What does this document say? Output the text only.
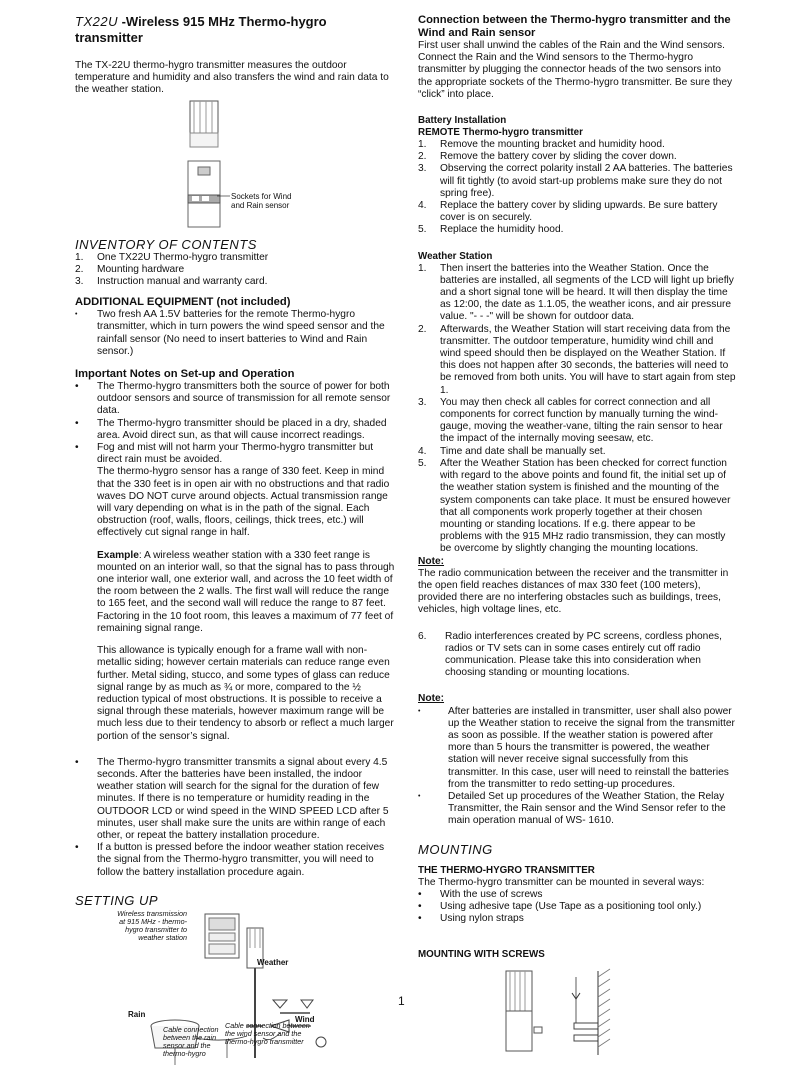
TX22U -Wireless 915 MHz Thermo-hygro transmitter

The TX-22U thermo-hygro transmitter measures the outdoor temperature and humidity and also transfers the wind and rain data to the weather station.

Sockets for Wind and Rain sensor

INVENTORY OF CONTENTS

1. One TX22U Thermo-hygro transmitter
2. Mounting hardware
3. Instruction manual and warranty card.

ADDITIONAL EQUIPMENT (not included)

• Two fresh AA 1.5V batteries for the remote Thermo-hygro transmitter, which in turn powers the wind speed sensor and the rainfall sensor (No need to insert batteries to Wind and Rain sensor.)

Important Notes on Set-up and Operation

• The Thermo-hygro transmitters both the source of power for both outdoor sensors and source of transmission for all remote sensor data.
• The Thermo-hygro transmitter should be placed in a dry, shaded area. Avoid direct sun, as that will cause incorrect readings.
• Fog and mist will not harm your Thermo-hygro transmitter but direct rain must be avoided.

The thermo-hygro sensor has a range of 330 feet. Keep in mind that the 330 feet is in open air with no obstructions and that radio waves DO NOT curve around objects. Actual transmission range will vary depending on what is in the path of the signal. Each obstruction (roof, walls, floors, ceilings, thick trees, etc.) will effectively cut signal range in half.

Example: A wireless weather station with a 330 feet range is mounted on an interior wall, so that the signal has to pass through one interior wall, one exterior wall, and across the 10 feet width of the room between the 2 walls. The first wall will reduce the range to 165 feet, and the second wall will reduce the range to 87 feet. Factoring in the 10 foot room, this leaves a maximum of 77 feet of remaining signal range.

This allowance is typically enough for a frame wall with non-metallic siding; however certain materials can reduce range even further. Metal siding, stucco, and some types of glass can reduce signal range by as much as ¾ or more, compared to the ½ reduction typical of most obstructions. It is possible to receive a signal through these materials, however maximum range will be much less due to their tendency to absorb or reflect a much larger portion of the sensor’s signal.

• The Thermo-hygro transmitter transmits a signal about every 4.5 seconds. After the batteries have been installed, the indoor weather station will search for the signal for the duration of few minutes. If there is no temperature or humidity reading in the OUTDOOR LCD or wind speed in the WIND SPEED LCD after 5 minutes, user shall make sure the units are within range of each other, or repeat the battery installation procedure.
• If a button is pressed before the indoor weather station receives the signal from the Thermo-hygro transmitter, you will need to follow the battery installation procedure again.

SETTING UP

Wireless transmission at 915 MHz - thermo-hygro transmitter to weather station
Weather
Rain
Wind
Cable connection between the rain sensor and the thermo-hygro
Cable connection between the wind sensor and the thermo-hygro transmitter

Connection between the Thermo-hygro transmitter and the Wind and Rain sensor

First user shall unwind the cables of the Rain and the Wind sensors. Connect the Rain and the Wind sensors to the Thermo-hygro transmitter by plugging the connector heads of the two sensors into the appropriate sockets of the Thermo-hygro transmitter. Be sure they “click” into place.

Battery Installation

REMOTE Thermo-hygro transmitter

1. Remove the mounting bracket and humidity hood.
2. Remove the battery cover by sliding the cover down.
3. Observing the correct polarity install 2 AA batteries. The batteries will fit tightly (to avoid start-up problems make sure they do not spring free).
4. Replace the battery cover by sliding upwards. Be sure battery cover is on securely.
5. Replace the humidity hood.

Weather Station

1. Then insert the batteries into the Weather Station. Once the batteries are installed, all segments of the LCD will light up briefly and a short signal tone will be heard. It will then display the time as 12:00, the date as 1.1.05, the weather icons, and air pressure value. "- - -" will be shown for outdoor data.
2. Afterwards, the Weather Station will start receiving data from the transmitter. The outdoor temperature, humidity wind chill and wind speed should then be displayed on the Weather Station. If this does not happen after 30 seconds, the batteries will need to be removed from both units. You will have to start again from step 1.
3. You may then check all cables for correct connection and all components for correct function by manually turning the wind-gauge, moving the weather-vane, tilting the rain sensor to hear the impact of the internally moving seesaw, etc.
4. Time and date shall be manually set.
5. After the Weather Station has been checked for correct function with regard to the above points and found fit, the initial set up of the weather station system is finished and the mounting of the system components can take place. It must be ensured however that all components work properly together at their chosen mounting or standing locations. If e.g. there appear to be problems with the 915 MHz radio transmission, they can mostly be overcome by slightly changing the mounting locations.

Note:

The radio communication between the receiver and the transmitter in the open field reaches distances of max 330 feet (100 meters), provided there are no interfering obstacles such as buildings, trees, vehicles, high voltage lines, etc.

6. Radio interferences created by PC screens, cordless phones, radios or TV sets can in some cases entirely cut off radio communication. Please take this into consideration when choosing standing or mounting locations.

Note:

•	After batteries are installed in transmitter, user shall also power up the Weather station to receive the signal from the transmitter as soon as possible. If the weather station is powered after more than 5 hours the transmitter is powered, the weather station will never receive signal successfully from this transmitter. In this case, user will need to reinstall the batteries from the transmitter to redo setting-up procedures.
•	Detailed Set up procedures of the Weather Station, the Relay Transmitter, the Rain sensor and the Wind Sensor refer to the main operation manual of WS- 1610.

MOUNTING

THE THERMO-HYGRO TRANSMITTER

The Thermo-hygro transmitter can be mounted in several ways:

• With the use of screws
• Using adhesive tape (Use Tape as a positioning tool only.)
• Using nylon straps

MOUNTING WITH SCREWS

1
